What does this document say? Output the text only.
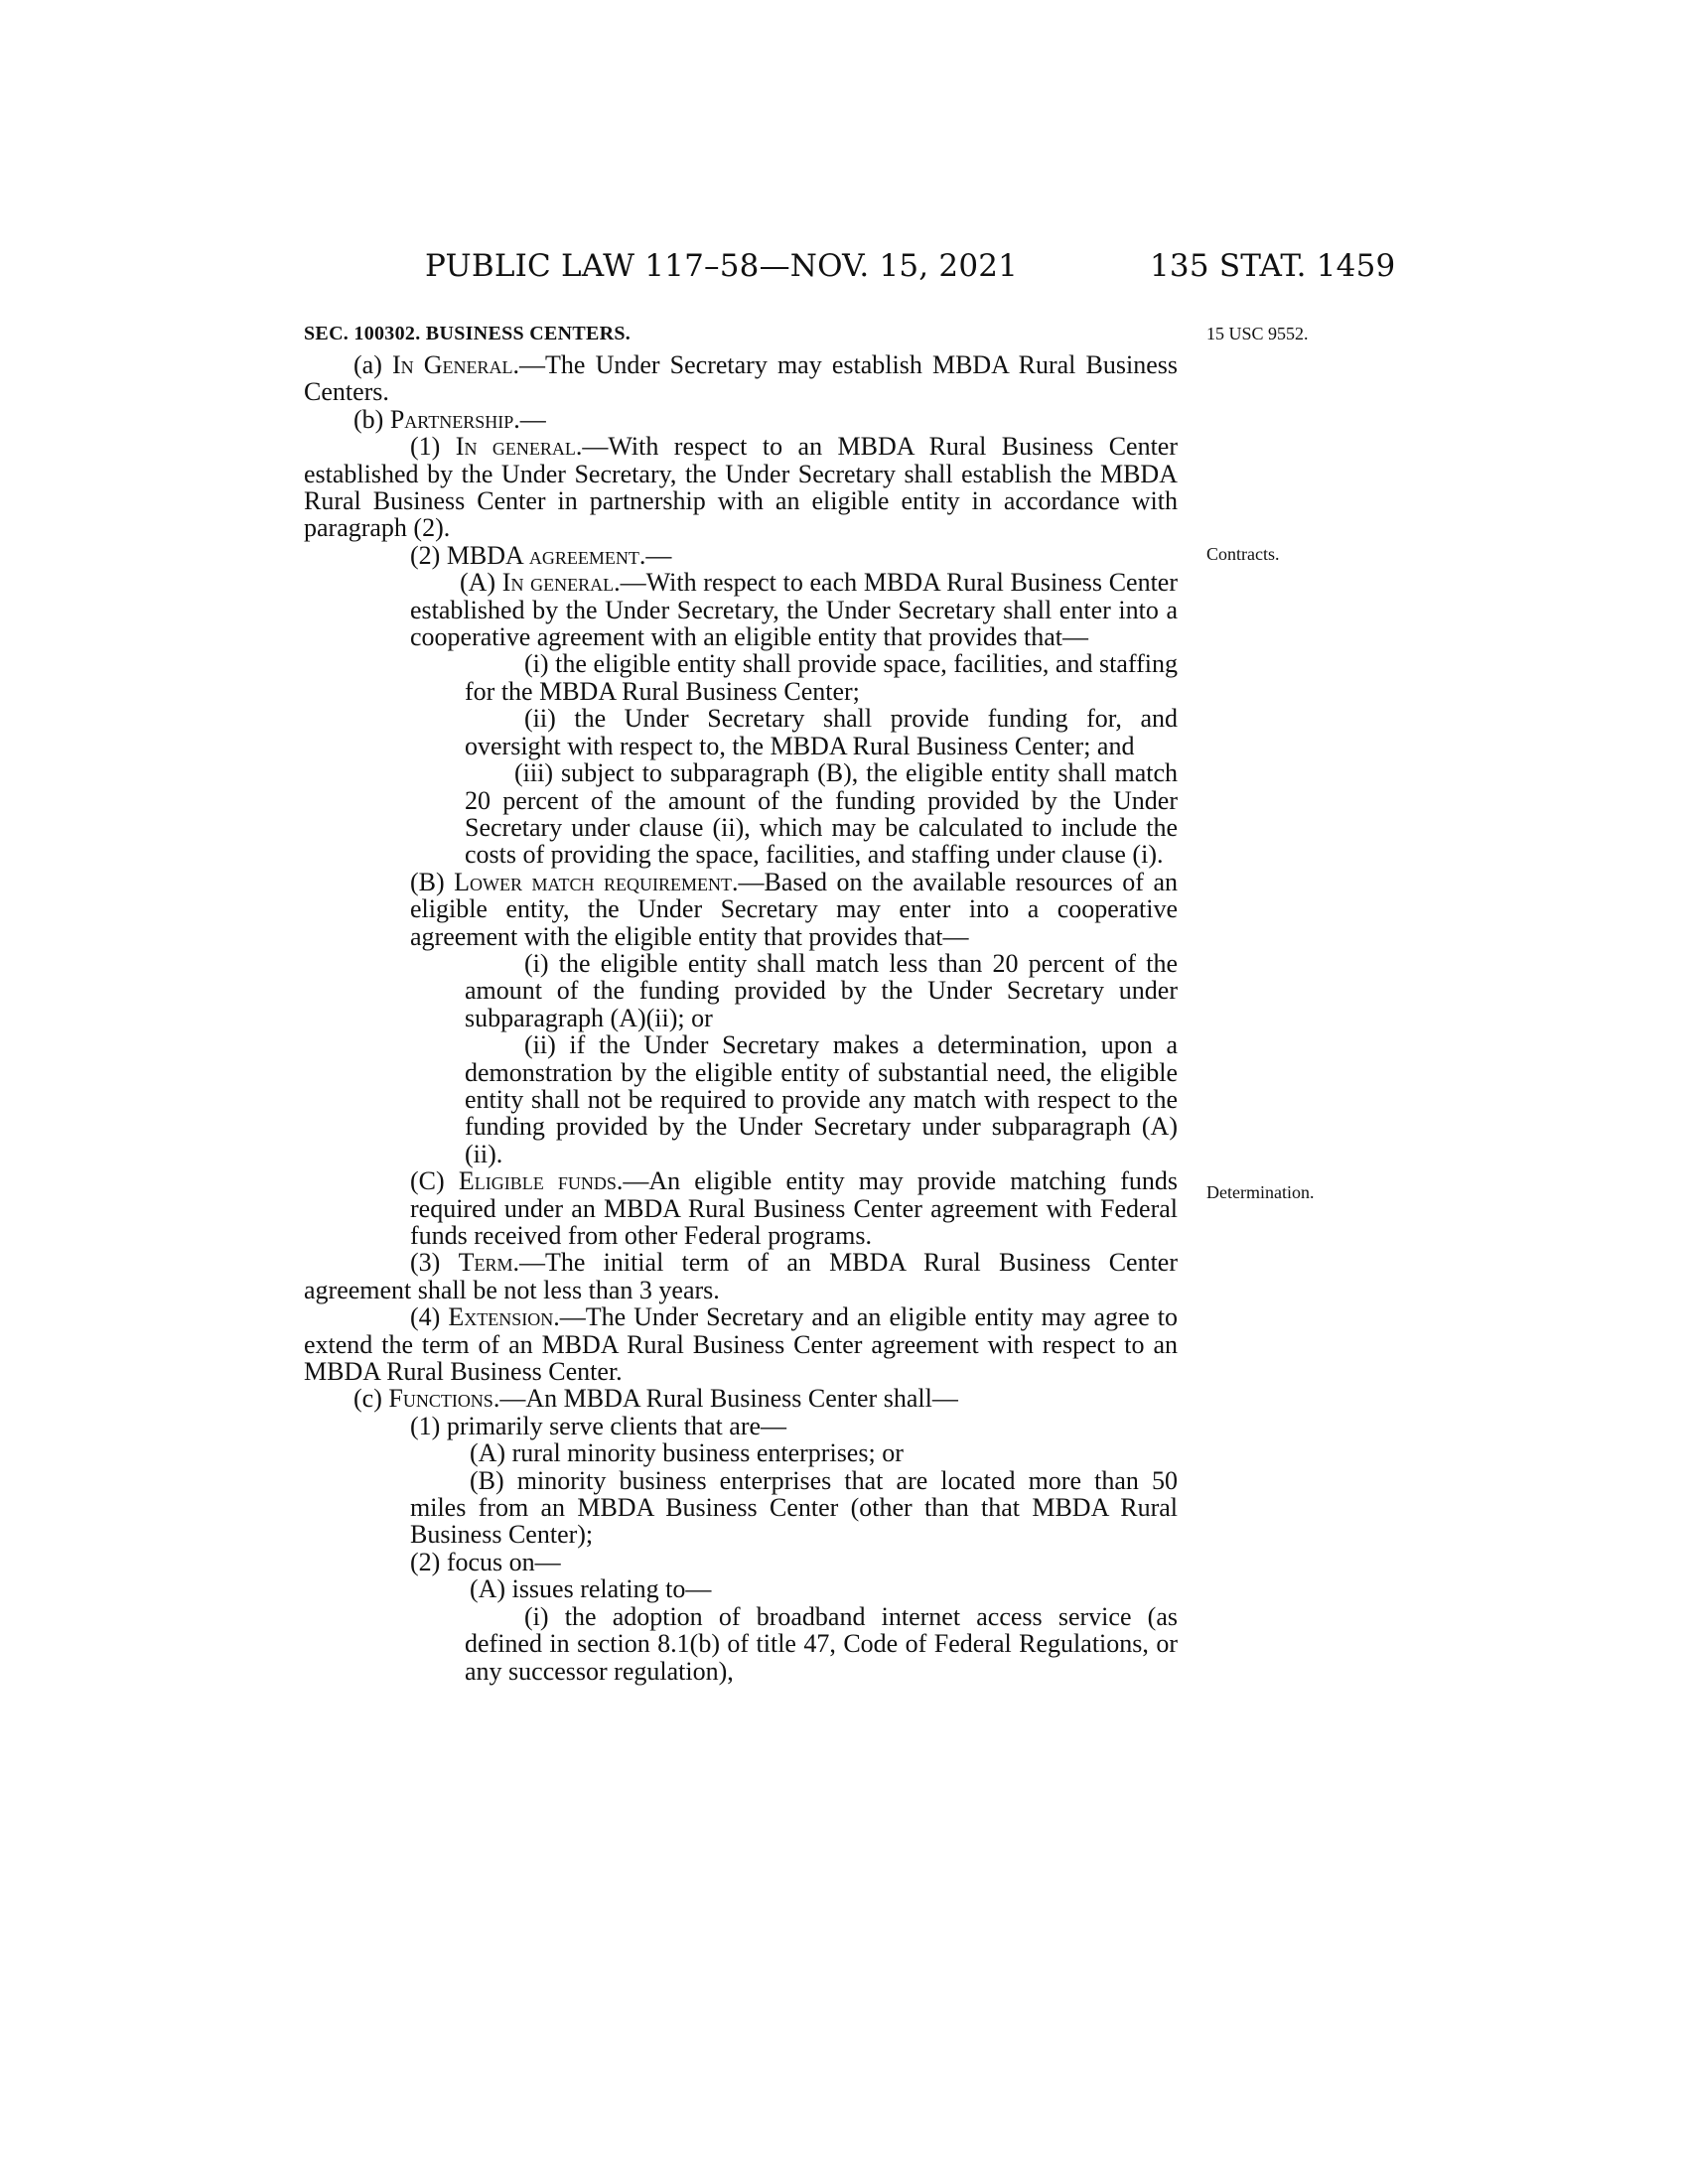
PUBLIC LAW 117–58—NOV. 15, 2021	135 STAT. 1459
SEC. 100302. BUSINESS CENTERS.	15 USC 9552.
Contracts.
Determination.

(a) In General.—The Under Secretary may establish MBDA Rural Business Centers.

(b) Partnership.—

(1) In general.—With respect to an MBDA Rural Business Center established by the Under Secretary, the Under Secretary shall establish the MBDA Rural Business Center in partnership with an eligible entity in accordance with paragraph (2).

(2) MBDA agreement.—

(A) In general.—With respect to each MBDA Rural Business Center established by the Under Secretary, the Under Secretary shall enter into a cooperative agreement with an eligible entity that provides that—

(i) the eligible entity shall provide space, facilities, and staffing for the MBDA Rural Business Center;

(ii) the Under Secretary shall provide funding for, and oversight with respect to, the MBDA Rural Business Center; and

(iii) subject to subparagraph (B), the eligible entity shall match 20 percent of the amount of the funding provided by the Under Secretary under clause (ii), which may be calculated to include the costs of providing the space, facilities, and staffing under clause (i).

(B) Lower match requirement.—Based on the available resources of an eligible entity, the Under Secretary may enter into a cooperative agreement with the eligible entity that provides that—

(i) the eligible entity shall match less than 20 percent of the amount of the funding provided by the Under Secretary under subparagraph (A)(ii); or

(ii) if the Under Secretary makes a determination, upon a demonstration by the eligible entity of substantial need, the eligible entity shall not be required to provide any match with respect to the funding provided by the Under Secretary under subparagraph (A)(ii).

(C) Eligible funds.—An eligible entity may provide matching funds required under an MBDA Rural Business Center agreement with Federal funds received from other Federal programs.

(3) Term.—The initial term of an MBDA Rural Business Center agreement shall be not less than 3 years.

(4) Extension.—The Under Secretary and an eligible entity may agree to extend the term of an MBDA Rural Business Center agreement with respect to an MBDA Rural Business Center.

(c) Functions.—An MBDA Rural Business Center shall—

(1) primarily serve clients that are—

(A) rural minority business enterprises; or

(B) minority business enterprises that are located more than 50 miles from an MBDA Business Center (other than that MBDA Rural Business Center);

(2) focus on—

(A) issues relating to—

(i) the adoption of broadband internet access service (as defined in section 8.1(b) of title 47, Code of Federal Regulations, or any successor regulation),
